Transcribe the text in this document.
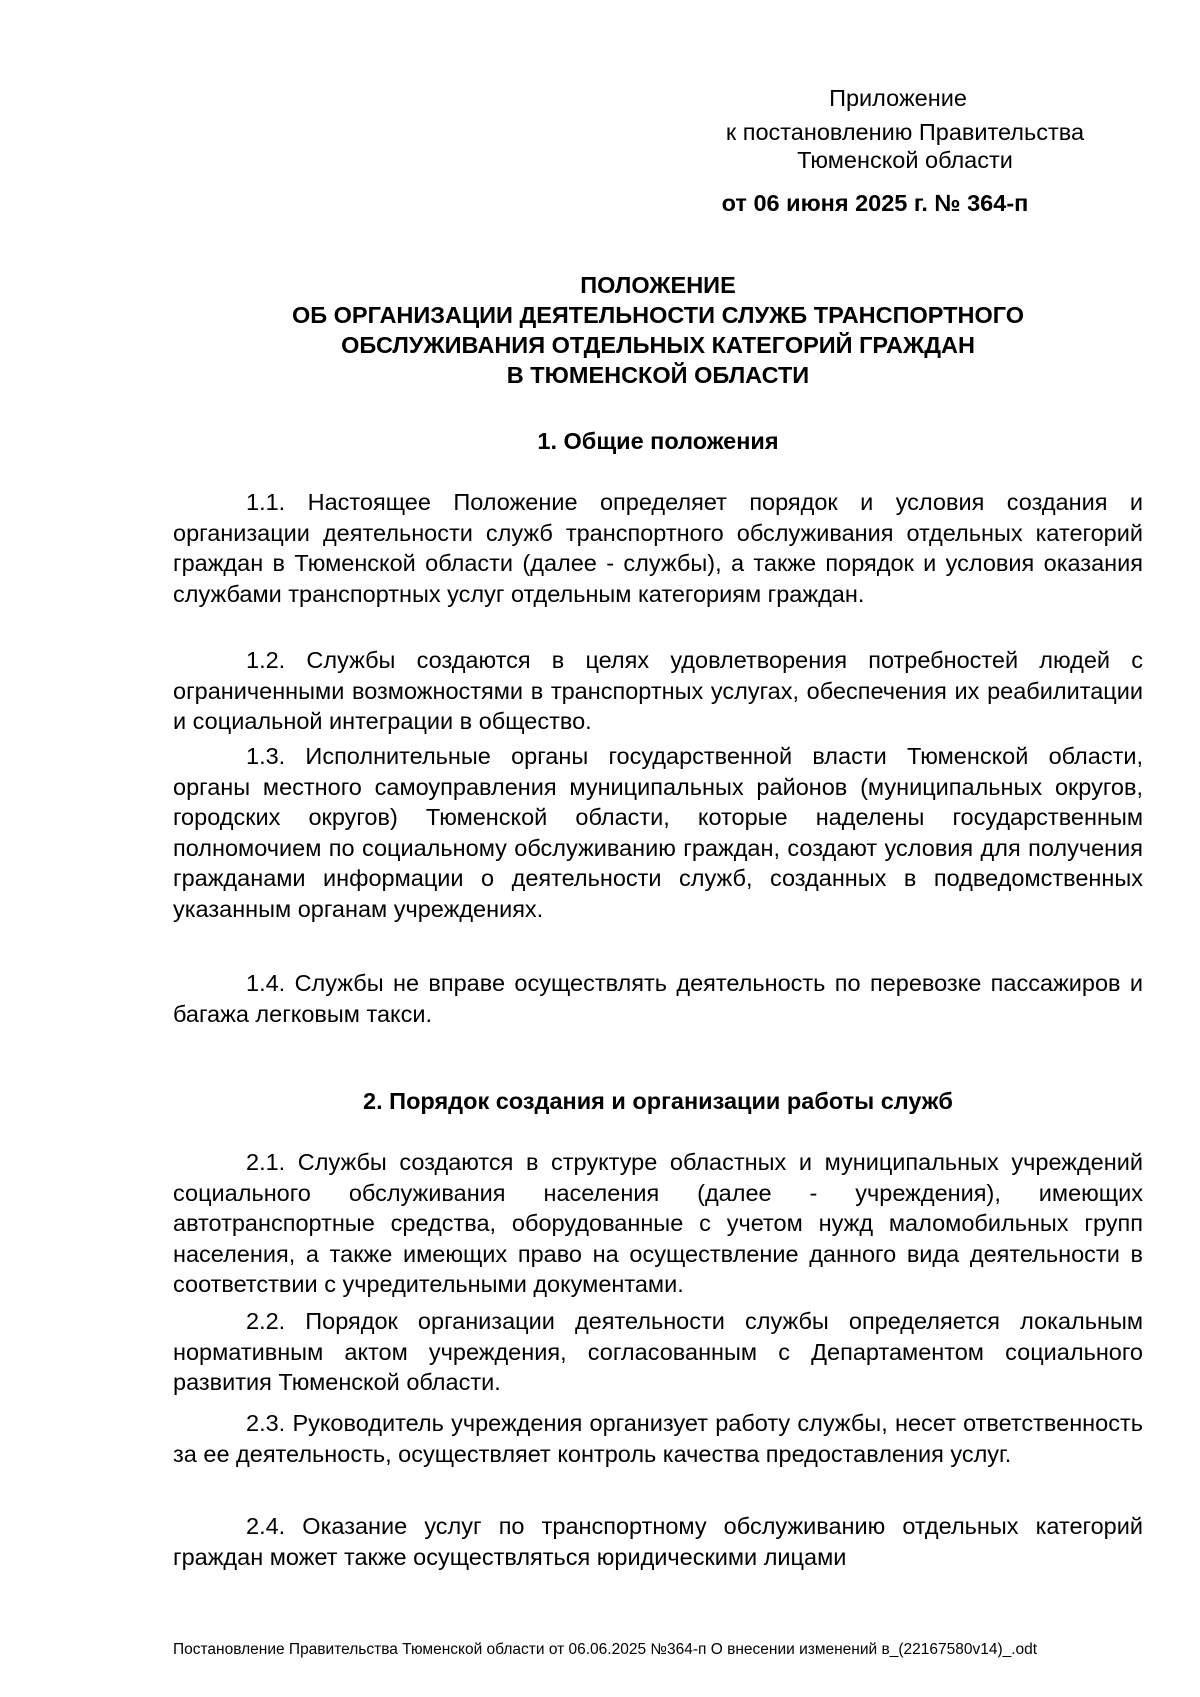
Приложение
к постановлению Правительства
Тюменской области
от 06 июня 2025 г. № 364-п
ПОЛОЖЕНИЕ
ОБ ОРГАНИЗАЦИИ ДЕЯТЕЛЬНОСТИ СЛУЖБ ТРАНСПОРТНОГО
ОБСЛУЖИВАНИЯ ОТДЕЛЬНЫХ КАТЕГОРИЙ ГРАЖДАН
В ТЮМЕНСКОЙ ОБЛАСТИ
1. Общие положения
1.1. Настоящее Положение определяет порядок и условия создания и организации деятельности служб транспортного обслуживания отдельных категорий граждан в Тюменской области (далее - службы), а также порядок и условия оказания службами транспортных услуг отдельным категориям граждан.
1.2. Службы создаются в целях удовлетворения потребностей людей с ограниченными возможностями в транспортных услугах, обеспечения их реабилитации и социальной интеграции в общество.
1.3. Исполнительные органы государственной власти Тюменской области, органы местного самоуправления муниципальных районов (муниципальных округов, городских округов) Тюменской области, которые наделены государственным полномочием по социальному обслуживанию граждан, создают условия для получения гражданами информации о деятельности служб, созданных в подведомственных указанным органам учреждениях.
1.4. Службы не вправе осуществлять деятельность по перевозке пассажиров и багажа легковым такси.
2. Порядок создания и организации работы служб
2.1. Службы создаются в структуре областных и муниципальных учреждений социального обслуживания населения (далее - учреждения), имеющих автотранспортные средства, оборудованные с учетом нужд маломобильных групп населения, а также имеющих право на осуществление данного вида деятельности в соответствии с учредительными документами.
2.2. Порядок организации деятельности службы определяется локальным нормативным актом учреждения, согласованным с Департаментом социального развития Тюменской области.
2.3. Руководитель учреждения организует работу службы, несет ответственность за ее деятельность, осуществляет контроль качества предоставления услуг.
2.4. Оказание услуг по транспортному обслуживанию отдельных категорий граждан может также осуществляться юридическими лицами
Постановление Правительства Тюменской области от 06.06.2025 №364-п О внесении изменений в_(22167580v14)_.odt
